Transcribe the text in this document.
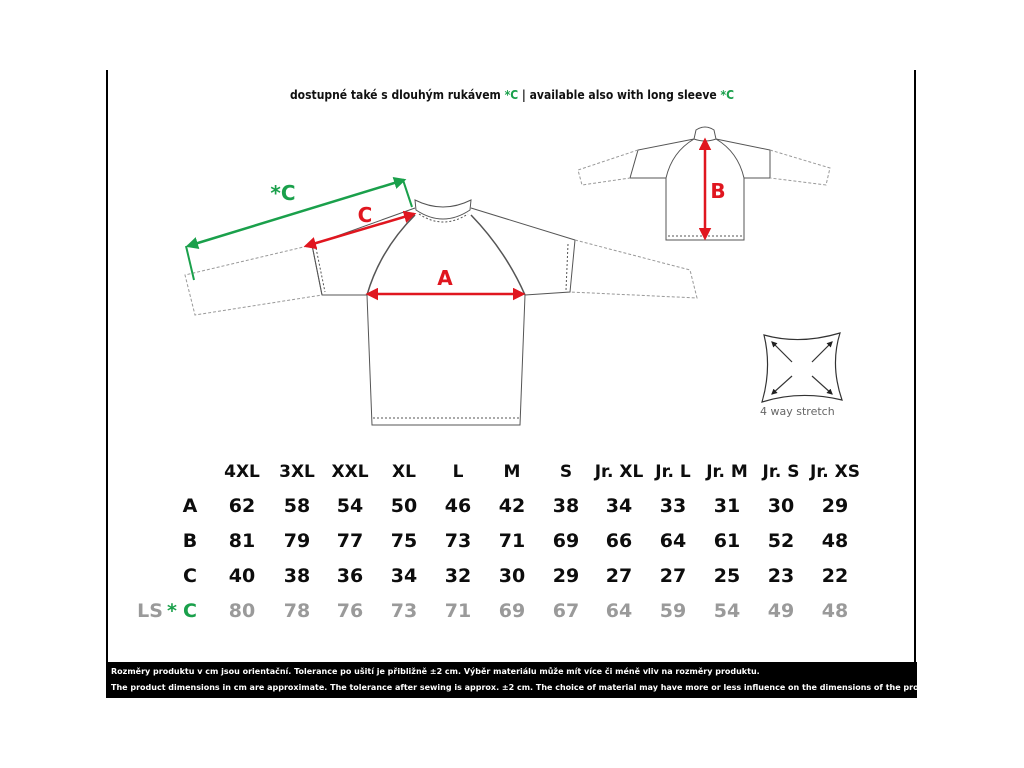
dostupné také s dlouhým rukávem *C | available also with long sleeve *C
*C
C
A
B
4 way stretch
4XL 3XL XXL XL L M S Jr. XL Jr. L Jr. M Jr. S Jr. XS
A 62 58 54 50 46 42 38 34 33 31 30 29
B 81 79 77 75 73 71 69 66 64 61 52 48
C 40 38 36 34 32 30 29 27 27 25 23 22
LS * C 80 78 76 73 71 69 67 64 59 54 49 48
Rozměry produktu v cm jsou orientační. Tolerance po ušití je přibližně ±2 cm. Výběr materiálu může mít více či méně vliv na rozměry produktu.
The product dimensions in cm are approximate. The tolerance after sewing is approx. ±2 cm. The choice of material may have more or less influence on the dimensions of the product.
